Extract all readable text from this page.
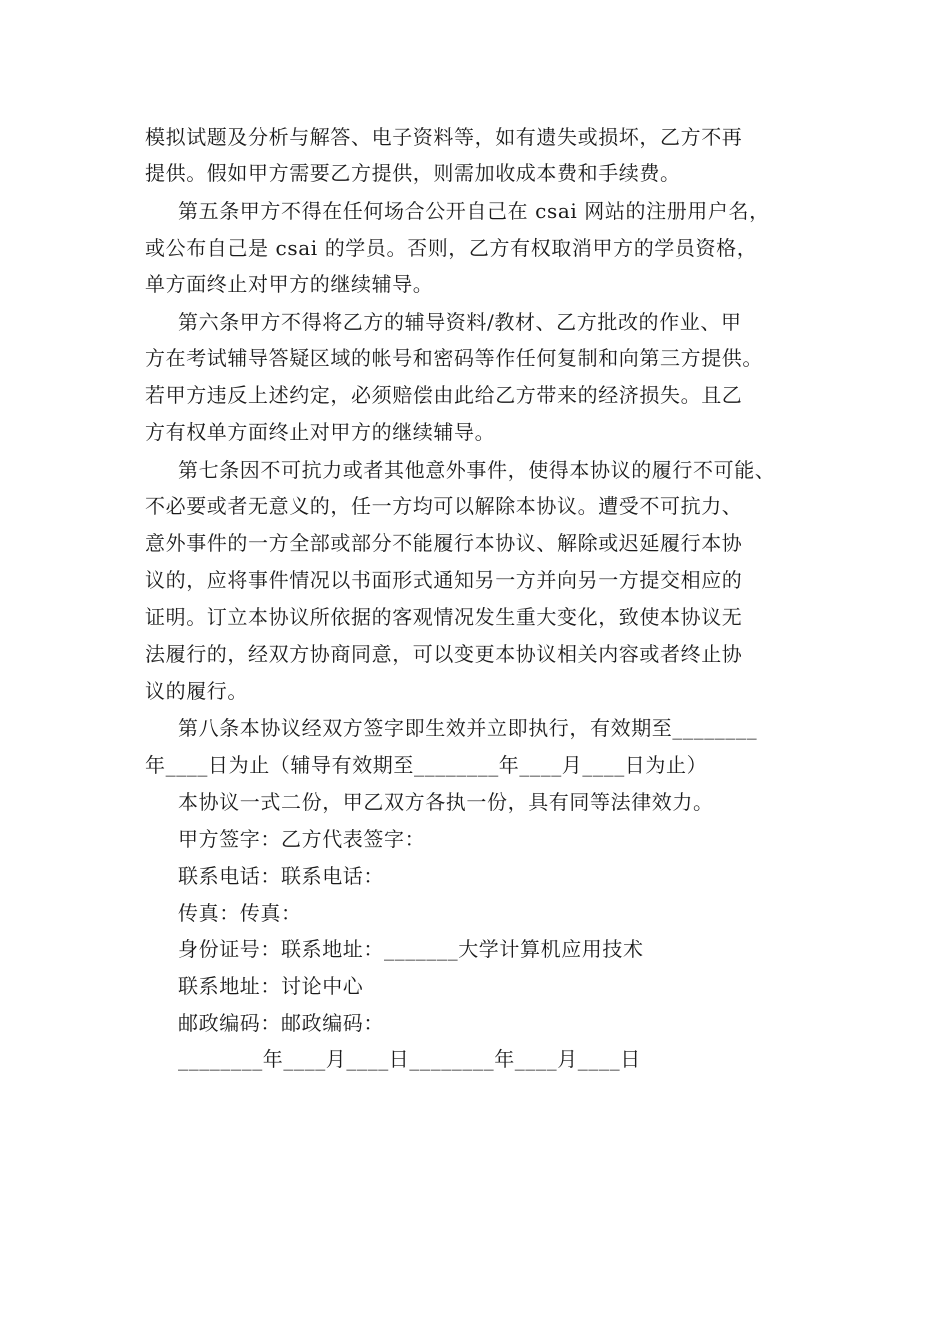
模拟试题及分析与解答、电子资料等，如有遗失或损坏，乙方不再
提供。假如甲方需要乙方提供，则需加收成本费和手续费。
第五条甲方不得在任何场合公开自己在 csai 网站的注册用户名，
或公布自己是 csai 的学员。否则，乙方有权取消甲方的学员资格，
单方面终止对甲方的继续辅导。
第六条甲方不得将乙方的辅导资料/教材、乙方批改的作业、甲
方在考试辅导答疑区域的帐号和密码等作任何复制和向第三方提供。
若甲方违反上述约定，必须赔偿由此给乙方带来的经济损失。且乙
方有权单方面终止对甲方的继续辅导。
第七条因不可抗力或者其他意外事件，使得本协议的履行不可能、
不必要或者无意义的，任一方均可以解除本协议。遭受不可抗力、
意外事件的一方全部或部分不能履行本协议、解除或迟延履行本协
议的，应将事件情况以书面形式通知另一方并向另一方提交相应的
证明。订立本协议所依据的客观情况发生重大变化，致使本协议无
法履行的，经双方协商同意，可以变更本协议相关内容或者终止协
议的履行。
第八条本协议经双方签字即生效并立即执行，有效期至________
年____日为止（辅导有效期至________年____月____日为止）
本协议一式二份，甲乙双方各执一份，具有同等法律效力。
甲方签字：乙方代表签字：
联系电话：联系电话：
传真：传真：
身份证号：联系地址：_______大学计算机应用技术
联系地址：讨论中心
邮政编码：邮政编码：
________年____月____日________年____月____日
